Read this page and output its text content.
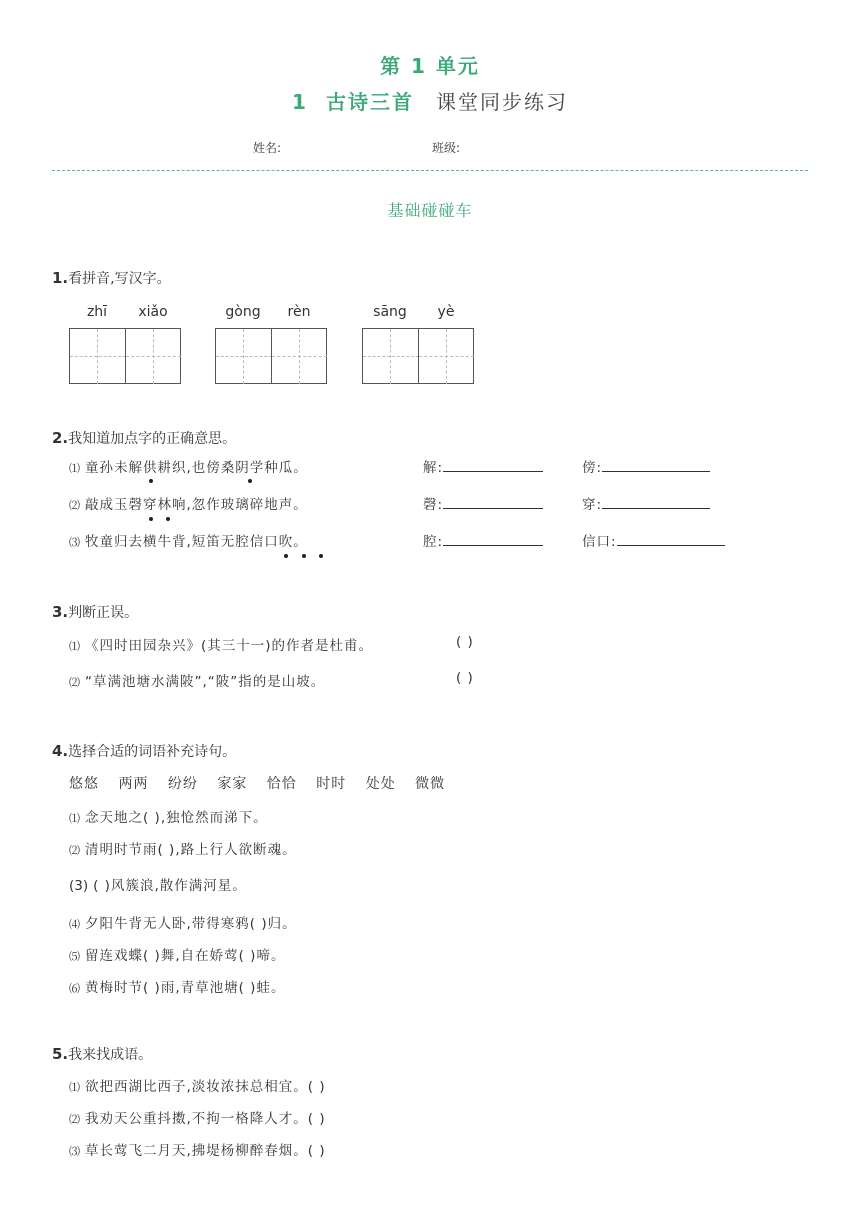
第 1 单元
1 古诗三首 课堂同步练习
姓名:	班级:
基础碰碰车
1.看拼音,写汉字。
zhī	xiǎo	gòng	rèn	sāng	yè
2.我知道加点字的正确意思。
⑴ 童孙未解供耕织,也傍桑阴学种瓜。	解:	傍:
⑵ 敲成玉磬穿林响,忽作玻璃碎地声。	磬:	穿:
⑶ 牧童归去横牛背,短笛无腔信口吹。	腔:	信口:
3.判断正误。
⑴ 《四时田园杂兴》(其三十一)的作者是杜甫。	( )
⑵ “草满池塘水满陂”,“陂”指的是山坡。	( )
4.选择合适的词语补充诗句。
悠悠 两两 纷纷 家家 恰恰 时时 处处 微微
⑴ 念天地之( ),独怆然而涕下。
⑵ 清明时节雨( ),路上行人欲断魂。
(3) ( )风簇浪,散作满河星。
⑷ 夕阳牛背无人卧,带得寒鸦( )归。
⑸ 留连戏蝶( )舞,自在娇莺( )啼。
⑹ 黄梅时节( )雨,青草池塘( )蛙。
5.我来找成语。
⑴ 欲把西湖比西子,淡妆浓抹总相宜。( )
⑵ 我劝天公重抖擞,不拘一格降人才。( )
⑶ 草长莺飞二月天,拂堤杨柳醉春烟。( )
